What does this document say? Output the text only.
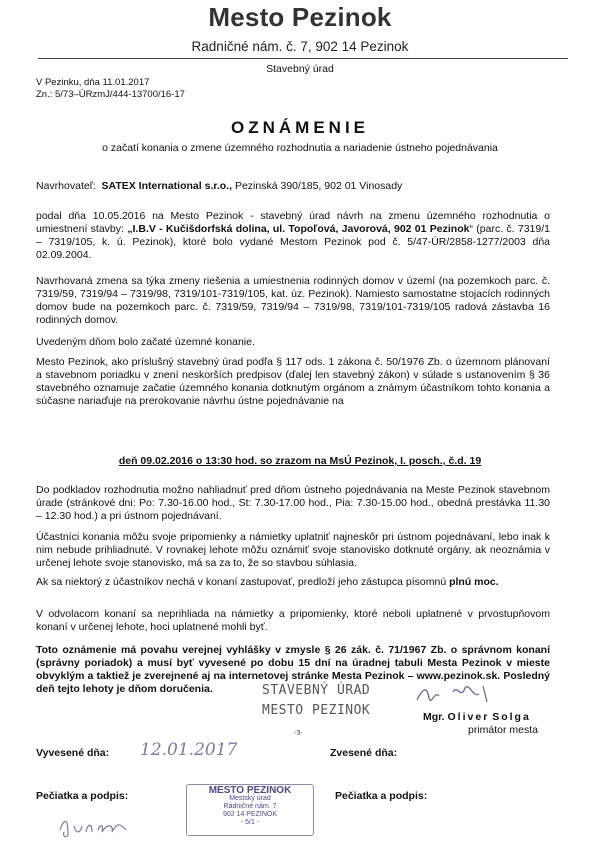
Mesto Pezinok
Radničné nám. č. 7, 902 14 Pezinok
Stavebný úrad
V Pezinku, dňa 11.01.2017
Zn.: 5/73–ÚRzmJ/444-13700/16-17
OZNÁMENIE
o začatí konania o zmene územného rozhodnutia a nariadenie ústneho pojednávania
Navrhovateľ: SATEX International s.r.o., Pezinská 390/185, 902 01 Vinosady
podal dňa 10.05.2016 na Mesto Pezinok - stavebný úrad návrh na zmenu územného rozhodnutia o umiestnení stavby: „I.B.V - Kučišdorfská dolina, ul. Topoľová, Javorová, 902 01 Pezinok“ (parc. č. 7319/1 – 7319/105, k. ú. Pezinok), ktoré bolo vydané Mestom Pezinok pod č. 5/47-ÚR/2858-1277/2003 dňa 02.09.2004.
Navrhovaná zmena sa týka zmeny riešenia a umiestnenia rodinných domov v území (na pozemkoch parc. č. 7319/59, 7319/94 – 7319/98, 7319/101-7319/105, kat. úz. Pezinok). Namiesto samostatne stojacích rodinných domov bude na pozemkoch parc. č. 7319/59, 7319/94 – 7319/98, 7319/101-7319/105 radová zástavba 16 rodinných domov.
Uvedeným dňom bolo začaté územné konanie.
Mesto Pezinok, ako príslušný stavebný úrad podľa § 117 ods. 1 zákona č. 50/1976 Zb. o územnom plánovaní a stavebnom poriadku v znení neskorších predpisov (ďalej len stavebný zákon) v súlade s ustanovením § 36 stavebného oznamuje začatie územného konania dotknutým orgánom a známym účastníkom tohto konania a súčasne nariaďuje na prerokovanie návrhu ústne pojednávanie na
deň 09.02.2016 o 13:30 hod. so zrazom na MsÚ Pezinok, I. posch., č.d. 19
Do podkladov rozhodnutia možno nahliadnuť pred dňom ústneho pojednávania na Meste Pezinok stavebnom úrade (stránkové dni: Po: 7.30-16.00 hod., St: 7.30-17.00 hod., Pia: 7.30-15.00 hod., obedná prestávka 11.30 – 12.30 hod.) a pri ústnom pojednávaní.
Účastníci konania môžu svoje pripomienky a námietky uplatniť najneskôr pri ústnom pojednávaní, lebo inak k nim nebude prihliadnuté. V rovnakej lehote môžu oznámiť svoje stanovisko dotknuté orgány, ak neoznámia v určenej lehote svoje stanovisko, má sa za to, že so stavbou súhlasia.
Ak sa niektorý z účastníkov nechá v konaní zastupovať, predloží jeho zástupca písomnú plnú moc.
V odvolacom konaní sa neprihliada na námietky a pripomienky, ktoré neboli uplatnené v prvostupňovom konaní v určenej lehote, hoci uplatnené mohli byť.
Toto oznámenie má povahu verejnej vyhlášky v zmysle § 26 zák. č. 71/1967 Zb. o správnom konaní (správny poriadok) a musí byť vyvesené po dobu 15 dní na úradnej tabuli Mesta Pezinok v mieste obvyklým a taktiež je zverejnené aj na internetovej stránke Mesta Pezinok – www.pezinok.sk. Posledný deň tejto lehoty je dňom doručenia.	STAVEBNÝ ÚRAD
MESTO PEZINOK
-3-
Mgr. Oliver Solga
primátor mesta
Vyvesené dňa: 12.01.2017	Zvesené dňa:
Pečiatka a podpis:	Pečiatka a podpis:
MESTO PEZINOK
Mestský úrad
Radničné nám. 7
902 14 PEZINOK
- 5/1 -
